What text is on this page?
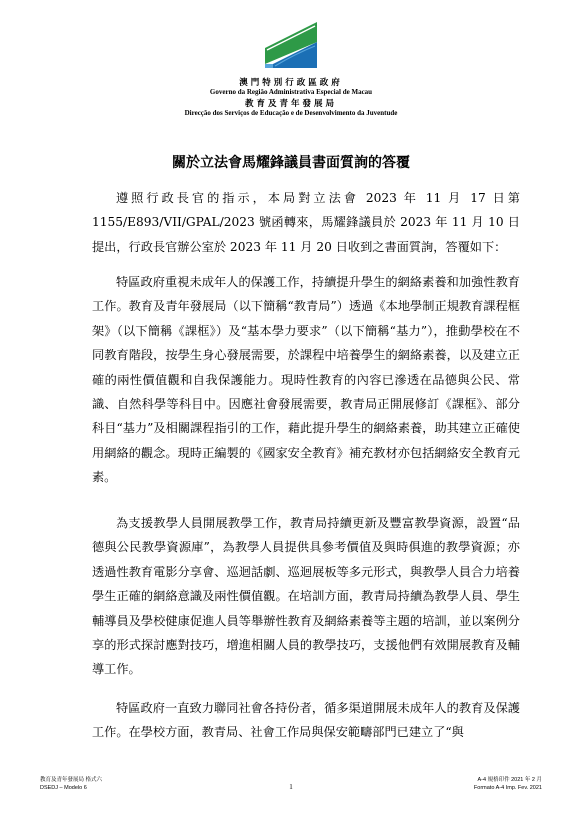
澳門特別行政區政府
Governo da Região Administrativa Especial de Macau
教育及青年發展局
Direcção dos Serviços de Educação e de Desenvolvimento da Juventude
關於立法會馬耀鋒議員書面質詢的答覆

遵照行政長官的指示，本局對立法會 2023 年 11 月 17 日第 1155/E893/VII/GPAL/2023 號函轉來，馬耀鋒議員於 2023 年 11 月 10 日提出，行政長官辦公室於 2023 年 11 月 20 日收到之書面質詢，答覆如下：

特區政府重視未成年人的保護工作，持續提升學生的網絡素養和加強性教育工作。教育及青年發展局（以下簡稱“教青局”）透過《本地學制正規教育課程框架》（以下簡稱《課框》）及“基本學力要求”（以下簡稱“基力”），推動學校在不同教育階段，按學生身心發展需要，於課程中培養學生的網絡素養，以及建立正確的兩性價值觀和自我保護能力。現時性教育的內容已滲透在品德與公民、常識、自然科學等科目中。因應社會發展需要，教青局正開展修訂《課框》、部分科目“基力”及相關課程指引的工作，藉此提升學生的網絡素養，助其建立正確使用網絡的觀念。現時正編製的《國家安全教育》補充教材亦包括網絡安全教育元素。

為支援教學人員開展教學工作，教青局持續更新及豐富教學資源，設置“品德與公民教學資源庫”，為教學人員提供具參考價值及與時俱進的教學資源；亦透過性教育電影分享會、巡迴話劇、巡迴展板等多元形式，與教學人員合力培養學生正確的網絡意識及兩性價值觀。在培訓方面，教青局持續為教學人員、學生輔導員及學校健康促進人員等舉辦性教育及網絡素養等主題的培訓，並以案例分享的形式探討應對技巧，增進相關人員的教學技巧，支援他們有效開展教育及輔導工作。

特區政府一直致力聯同社會各持份者，循多渠道開展未成年人的教育及保護工作。在學校方面，教青局、社會工作局與保安範疇部門已建立了“與

教育及青年發展局 格式六
DSEDJ – Modelo 6	1
A-4 規格印件 2021 年 2 月
Formato A-4 Imp. Fev. 2021
